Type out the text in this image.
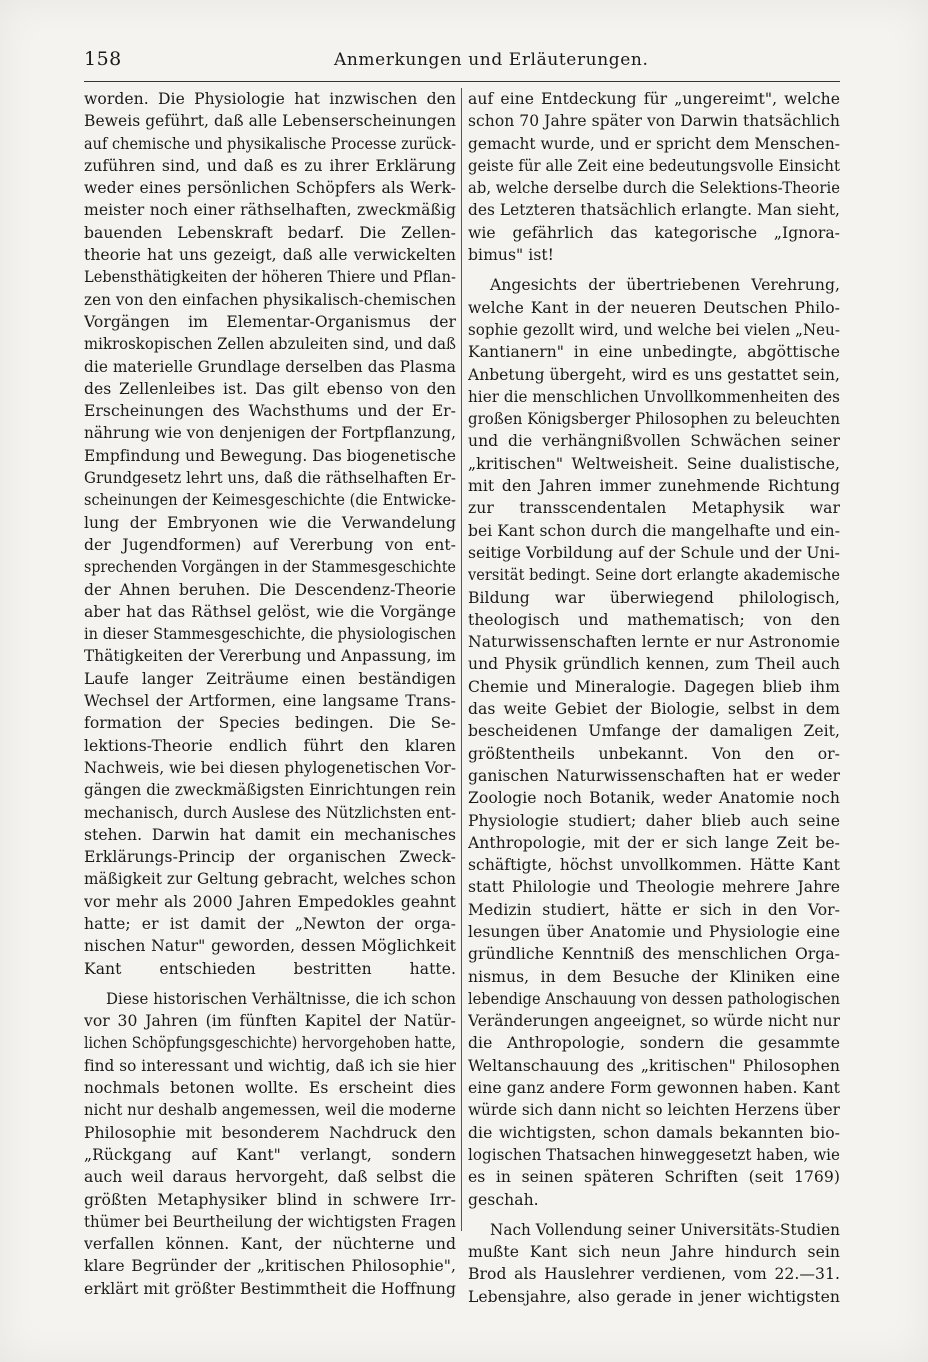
158	Anmerkungen und Erläuterungen.
worden. Die Physiologie hat inzwischen den
Beweis geführt, daß alle Lebenserscheinungen
auf chemische und physikalische Processe zurück-
zuführen sind, und daß es zu ihrer Erklärung
weder eines persönlichen Schöpfers als Werk-
meister noch einer räthselhaften, zweckmäßig
bauenden Lebenskraft bedarf. Die Zellen-
theorie hat uns gezeigt, daß alle verwickelten
Lebensthätigkeiten der höheren Thiere und Pflan-
zen von den einfachen physikalisch-chemischen
Vorgängen im Elementar-Organismus der
mikroskopischen Zellen abzuleiten sind, und daß
die materielle Grundlage derselben das Plasma
des Zellenleibes ist. Das gilt ebenso von den
Erscheinungen des Wachsthums und der Er-
nährung wie von denjenigen der Fortpflanzung,
Empfindung und Bewegung. Das biogenetische
Grundgesetz lehrt uns, daß die räthselhaften Er-
scheinungen der Keimesgeschichte (die Entwicke-
lung der Embryonen wie die Verwandelung
der Jugendformen) auf Vererbung von ent-
sprechenden Vorgängen in der Stammesgeschichte
der Ahnen beruhen. Die Descendenz-Theorie
aber hat das Räthsel gelöst, wie die Vorgänge
in dieser Stammesgeschichte, die physiologischen
Thätigkeiten der Vererbung und Anpassung, im
Laufe langer Zeiträume einen beständigen
Wechsel der Artformen, eine langsame Trans-
formation der Species bedingen. Die Se-
lektions-Theorie endlich führt den klaren
Nachweis, wie bei diesen phylogenetischen Vor-
gängen die zweckmäßigsten Einrichtungen rein
mechanisch, durch Auslese des Nützlichsten ent-
stehen. Darwin hat damit ein mechanisches
Erklärungs-Princip der organischen Zweck-
mäßigkeit zur Geltung gebracht, welches schon
vor mehr als 2000 Jahren Empedokles geahnt
hatte; er ist damit der „Newton der orga-
nischen Natur" geworden, dessen Möglichkeit
Kant entschieden bestritten hatte.
Diese historischen Verhältnisse, die ich schon
vor 30 Jahren (im fünften Kapitel der Natür-
lichen Schöpfungsgeschichte) hervorgehoben hatte,
find so interessant und wichtig, daß ich sie hier
nochmals betonen wollte. Es erscheint dies
nicht nur deshalb angemessen, weil die moderne
Philosophie mit besonderem Nachdruck den
„Rückgang auf Kant" verlangt, sondern
auch weil daraus hervorgeht, daß selbst die
größten Metaphysiker blind in schwere Irr-
thümer bei Beurtheilung der wichtigsten Fragen
verfallen können. Kant, der nüchterne und
klare Begründer der „kritischen Philosophie",
erklärt mit größter Bestimmtheit die Hoffnung
auf eine Entdeckung für „ungereimt", welche
schon 70 Jahre später von Darwin thatsächlich
gemacht wurde, und er spricht dem Menschen-
geiste für alle Zeit eine bedeutungsvolle Einsicht
ab, welche derselbe durch die Selektions-Theorie
des Letzteren thatsächlich erlangte. Man sieht,
wie gefährlich das kategorische „Ignora-
bimus" ist!
Angesichts der übertriebenen Verehrung,
welche Kant in der neueren Deutschen Philo-
sophie gezollt wird, und welche bei vielen „Neu-
Kantianern" in eine unbedingte, abgöttische
Anbetung übergeht, wird es uns gestattet sein,
hier die menschlichen Unvollkommenheiten des
großen Königsberger Philosophen zu beleuchten
und die verhängnißvollen Schwächen seiner
„kritischen" Weltweisheit. Seine dualistische,
mit den Jahren immer zunehmende Richtung
zur transscendentalen Metaphysik war
bei Kant schon durch die mangelhafte und ein-
seitige Vorbildung auf der Schule und der Uni-
versität bedingt. Seine dort erlangte akademische
Bildung war überwiegend philologisch,
theologisch und mathematisch; von den
Naturwissenschaften lernte er nur Astronomie
und Physik gründlich kennen, zum Theil auch
Chemie und Mineralogie. Dagegen blieb ihm
das weite Gebiet der Biologie, selbst in dem
bescheidenen Umfange der damaligen Zeit,
größtentheils unbekannt. Von den or-
ganischen Naturwissenschaften hat er weder
Zoologie noch Botanik, weder Anatomie noch
Physiologie studiert; daher blieb auch seine
Anthropologie, mit der er sich lange Zeit be-
schäftigte, höchst unvollkommen. Hätte Kant
statt Philologie und Theologie mehrere Jahre
Medizin studiert, hätte er sich in den Vor-
lesungen über Anatomie und Physiologie eine
gründliche Kenntniß des menschlichen Orga-
nismus, in dem Besuche der Kliniken eine
lebendige Anschauung von dessen pathologischen
Veränderungen angeeignet, so würde nicht nur
die Anthropologie, sondern die gesammte
Weltanschauung des „kritischen" Philosophen
eine ganz andere Form gewonnen haben. Kant
würde sich dann nicht so leichten Herzens über
die wichtigsten, schon damals bekannten bio-
logischen Thatsachen hinweggesetzt haben, wie
es in seinen späteren Schriften (seit 1769)
geschah.
Nach Vollendung seiner Universitäts-Studien
mußte Kant sich neun Jahre hindurch sein
Brod als Hauslehrer verdienen, vom 22.—31.
Lebensjahre, also gerade in jener wichtigsten
